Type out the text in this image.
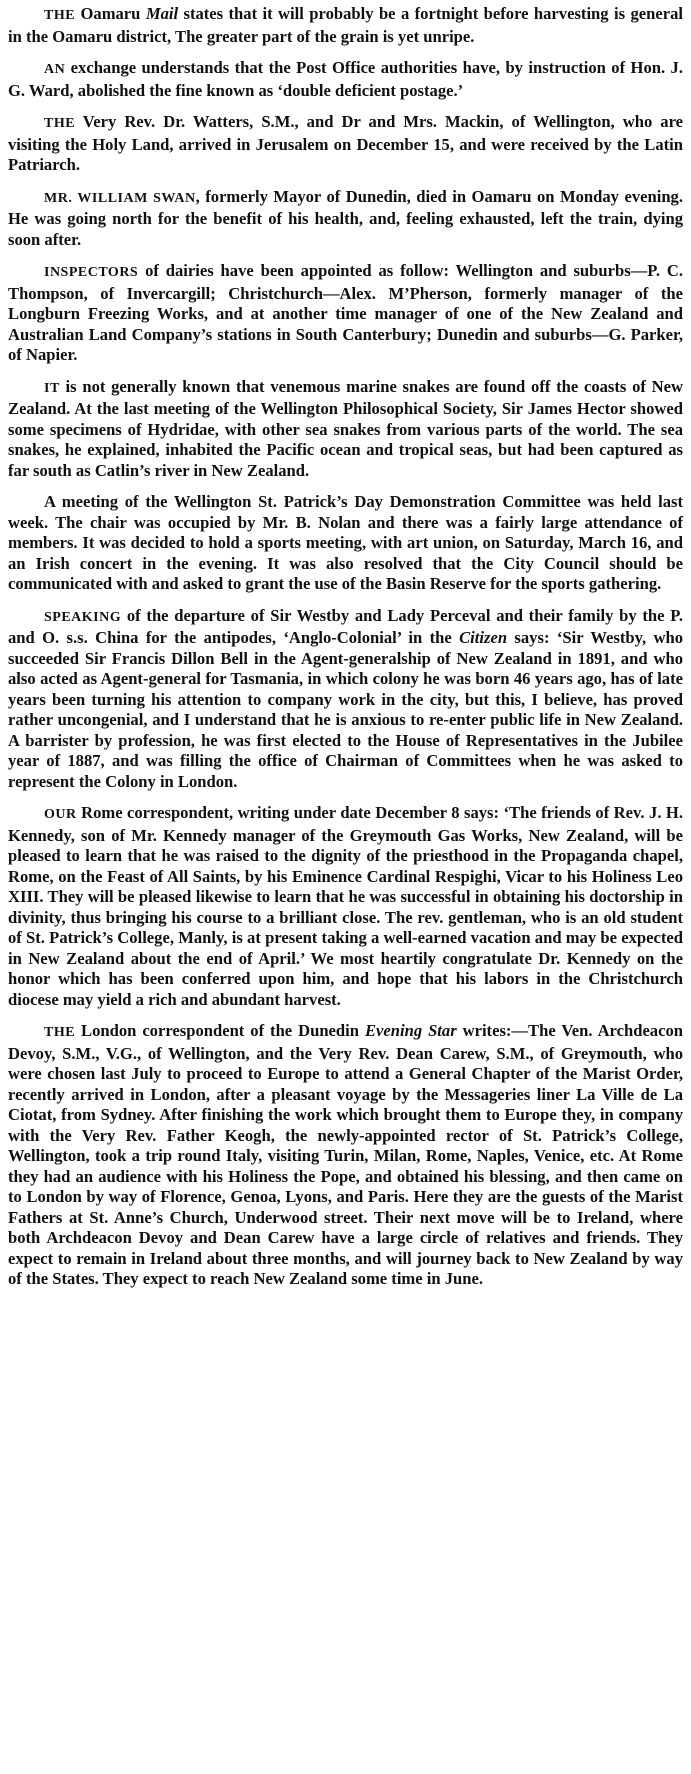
THE Oamaru Mail states that it will probably be a fortnight before harvesting is general in the Oamaru district, The greater part of the grain is yet unripe.

AN exchange understands that the Post Office authorities have, by instruction of Hon. J. G. Ward, abolished the fine known as ‘double deficient postage.’

THE Very Rev. Dr. Watters, S.M., and Dr and Mrs. Mackin, of Wellington, who are visiting the Holy Land, arrived in Jerusalem on December 15, and were received by the Latin Patriarch.

MR. WILLIAM SWAN, formerly Mayor of Dunedin, died in Oamaru on Monday evening. He was going north for the benefit of his health, and, feeling exhausted, left the train, dying soon after.

INSPECTORS of dairies have been appointed as follow: Wellington and suburbs—P. C. Thompson, of Invercargill; Christchurch—Alex. M’Pherson, formerly manager of the Longburn Freezing Works, and at another time manager of one of the New Zealand and Australian Land Company’s stations in South Canterbury; Dunedin and suburbs—G. Parker, of Napier.

IT is not generally known that venemous marine snakes are found off the coasts of New Zealand. At the last meeting of the Wellington Philosophical Society, Sir James Hector showed some specimens of Hydridae, with other sea snakes from various parts of the world. The sea snakes, he explained, inhabited the Pacific ocean and tropical seas, but had been captured as far south as Catlin’s river in New Zealand.

A meeting of the Wellington St. Patrick’s Day Demonstration Committee was held last week. The chair was occupied by Mr. B. Nolan and there was a fairly large attendance of members. It was decided to hold a sports meeting, with art union, on Saturday, March 16, and an Irish concert in the evening. It was also resolved that the City Council should be communicated with and asked to grant the use of the Basin Reserve for the sports gathering.

SPEAKING of the departure of Sir Westby and Lady Perceval and their family by the P. and O. s.s. China for the antipodes, ‘Anglo-Colonial’ in the Citizen says: ‘Sir Westby, who succeeded Sir Francis Dillon Bell in the Agent-generalship of New Zealand in 1891, and who also acted as Agent-general for Tasmania, in which colony he was born 46 years ago, has of late years been turning his attention to company work in the city, but this, I believe, has proved rather uncongenial, and I understand that he is anxious to re-enter public life in New Zealand. A barrister by profession, he was first elected to the House of Representatives in the Jubilee year of 1887, and was filling the office of Chairman of Committees when he was asked to represent the Colony in London.

OUR Rome correspondent, writing under date December 8 says: ‘The friends of Rev. J. H. Kennedy, son of Mr. Kennedy manager of the Greymouth Gas Works, New Zealand, will be pleased to learn that he was raised to the dignity of the priesthood in the Propaganda chapel, Rome, on the Feast of All Saints, by his Eminence Cardinal Respighi, Vicar to his Holiness Leo XIII. They will be pleased likewise to learn that he was successful in obtaining his doctorship in divinity, thus bringing his course to a brilliant close. The rev. gentleman, who is an old student of St. Patrick’s College, Manly, is at present taking a well-earned vacation and may be expected in New Zealand about the end of April.’ We most heartily congratulate Dr. Kennedy on the honor which has been conferred upon him, and hope that his labors in the Christchurch diocese may yield a rich and abundant harvest.

THE London correspondent of the Dunedin Evening Star writes:—The Ven. Archdeacon Devoy, S.M., V.G., of Wellington, and the Very Rev. Dean Carew, S.M., of Greymouth, who were chosen last July to proceed to Europe to attend a General Chapter of the Marist Order, recently arrived in London, after a pleasant voyage by the Messageries liner La Ville de La Ciotat, from Sydney. After finishing the work which brought them to Europe they, in company with the Very Rev. Father Keogh, the newly-appointed rector of St. Patrick’s College, Wellington, took a trip round Italy, visiting Turin, Milan, Rome, Naples, Venice, etc. At Rome they had an audience with his Holiness the Pope, and obtained his blessing, and then came on to London by way of Florence, Genoa, Lyons, and Paris. Here they are the guests of the Marist Fathers at St. Anne’s Church, Underwood street. Their next move will be to Ireland, where both Archdeacon Devoy and Dean Carew have a large circle of relatives and friends. They expect to remain in Ireland about three months, and will journey back to New Zealand by way of the States. They expect to reach New Zealand some time in June.
